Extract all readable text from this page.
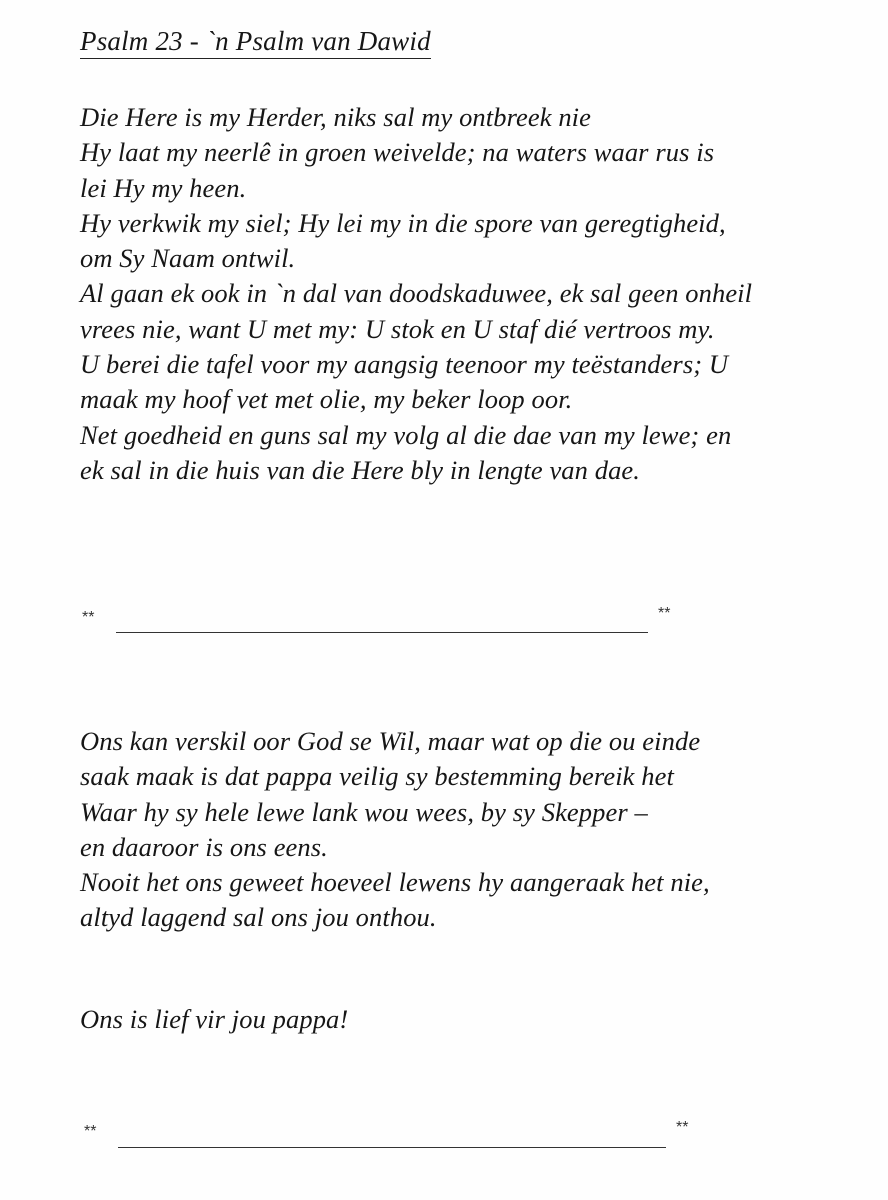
Psalm 23 - `n Psalm van Dawid
Die Here is my Herder, niks sal my ontbreek nie
Hy laat my neerlê in groen weivelde; na waters waar rus is
lei Hy my heen.
Hy verkwik my siel; Hy lei my in die spore van geregtigheid,
om Sy Naam ontwil.
Al gaan ek ook in `n dal van doodskaduwee, ek sal geen onheil
vrees nie, want U met my: U stok en U staf dié vertroos my.
U berei die tafel voor my aangsig teenoor my teëstanders; U
maak my hoof vet met olie, my beker loop oor.
Net goedheid en guns sal my volg al die dae van my lewe; en
ek sal in die huis van die Here bly in lengte van dae.
**	**
Ons kan verskil oor God se Wil, maar wat op die ou einde
saak maak is dat pappa veilig sy bestemming bereik het
Waar hy sy hele lewe lank wou wees, by sy Skepper –
en daaroor is ons eens.
Nooit het ons geweet hoeveel lewens hy aangeraak het nie,
altyd laggend sal ons jou onthou.
Ons is lief vir jou pappa!
**	**
